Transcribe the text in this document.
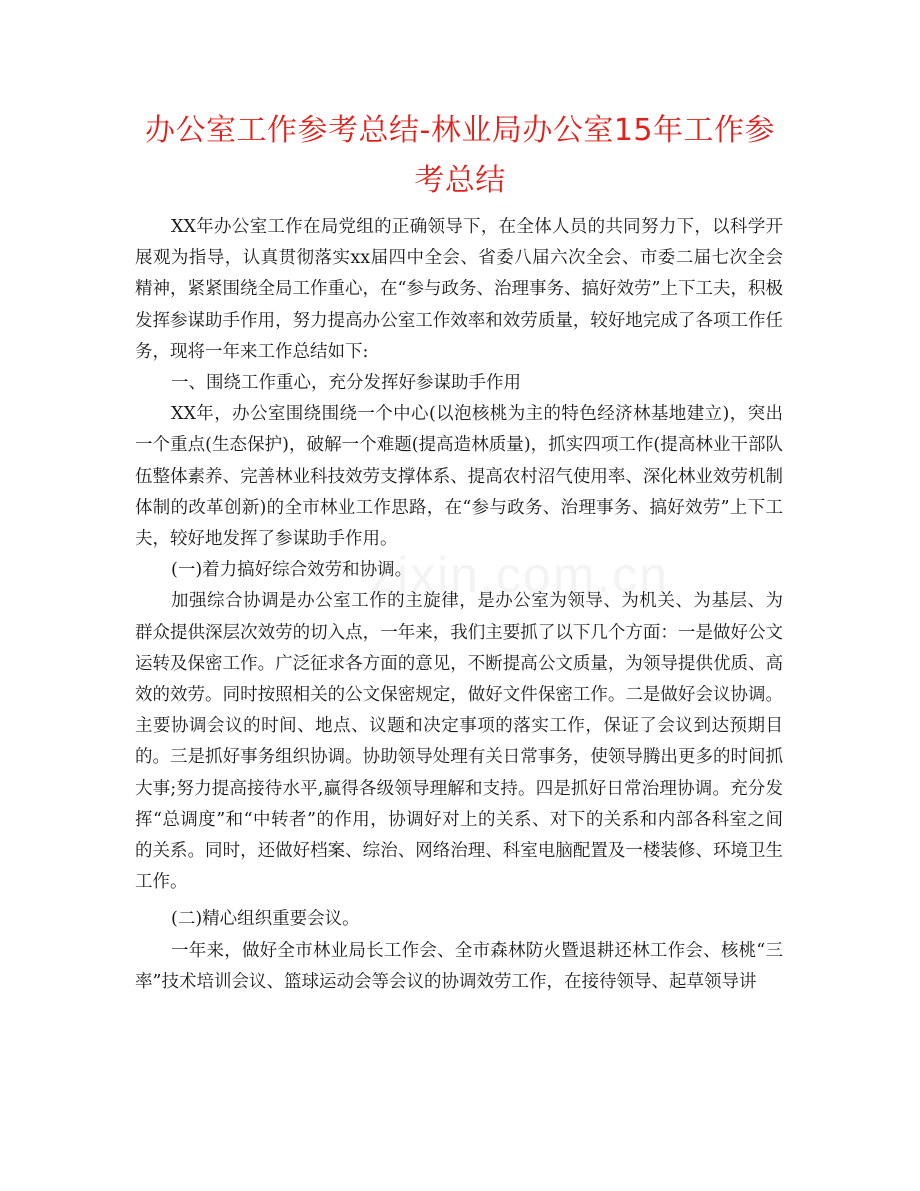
办公室工作参考总结-林业局办公室15年工作参考总结

XX年办公室工作在局党组的正确领导下，在全体人员的共同努力下，以科学开展观为指导，认真贯彻落实xx届四中全会、省委八届六次全会、市委二届七次全会精神，紧紧围绕全局工作重心，在“参与政务、治理事务、搞好效劳”上下工夫，积极发挥参谋助手作用，努力提高办公室工作效率和效劳质量，较好地完成了各项工作任务，现将一年来工作总结如下:

一、围绕工作重心，充分发挥好参谋助手作用

XX年，办公室围绕围绕一个中心(以泡核桃为主的特色经济林基地建立)，突出一个重点(生态保护)，破解一个难题(提高造林质量)，抓实四项工作(提高林业干部队伍整体素养、完善林业科技效劳支撑体系、提高农村沼气使用率、深化林业效劳机制体制的改革创新)的全市林业工作思路，在“参与政务、治理事务、搞好效劳”上下工夫，较好地发挥了参谋助手作用。

(一)着力搞好综合效劳和协调。

加强综合协调是办公室工作的主旋律，是办公室为领导、为机关、为基层、为群众提供深层次效劳的切入点，一年来，我们主要抓了以下几个方面：一是做好公文运转及保密工作。广泛征求各方面的意见，不断提高公文质量，为领导提供优质、高效的效劳。同时按照相关的公文保密规定，做好文件保密工作。二是做好会议协调。主要协调会议的时间、地点、议题和决定事项的落实工作，保证了会议到达预期目的。三是抓好事务组织协调。协助领导处理有关日常事务，使领导腾出更多的时间抓大事;努力提高接待水平,赢得各级领导理解和支持。四是抓好日常治理协调。充分发挥“总调度”和“中转者”的作用，协调好对上的关系、对下的关系和内部各科室之间的关系。同时，还做好档案、综治、网络治理、科室电脑配置及一楼装修、环境卫生工作。

(二)精心组织重要会议。

一年来，做好全市林业局长工作会、全市森林防火暨退耕还林工作会、核桃“三率”技术培训会议、篮球运动会等会议的协调效劳工作，在接待领导、起草领导讲

zixin.com.cn
